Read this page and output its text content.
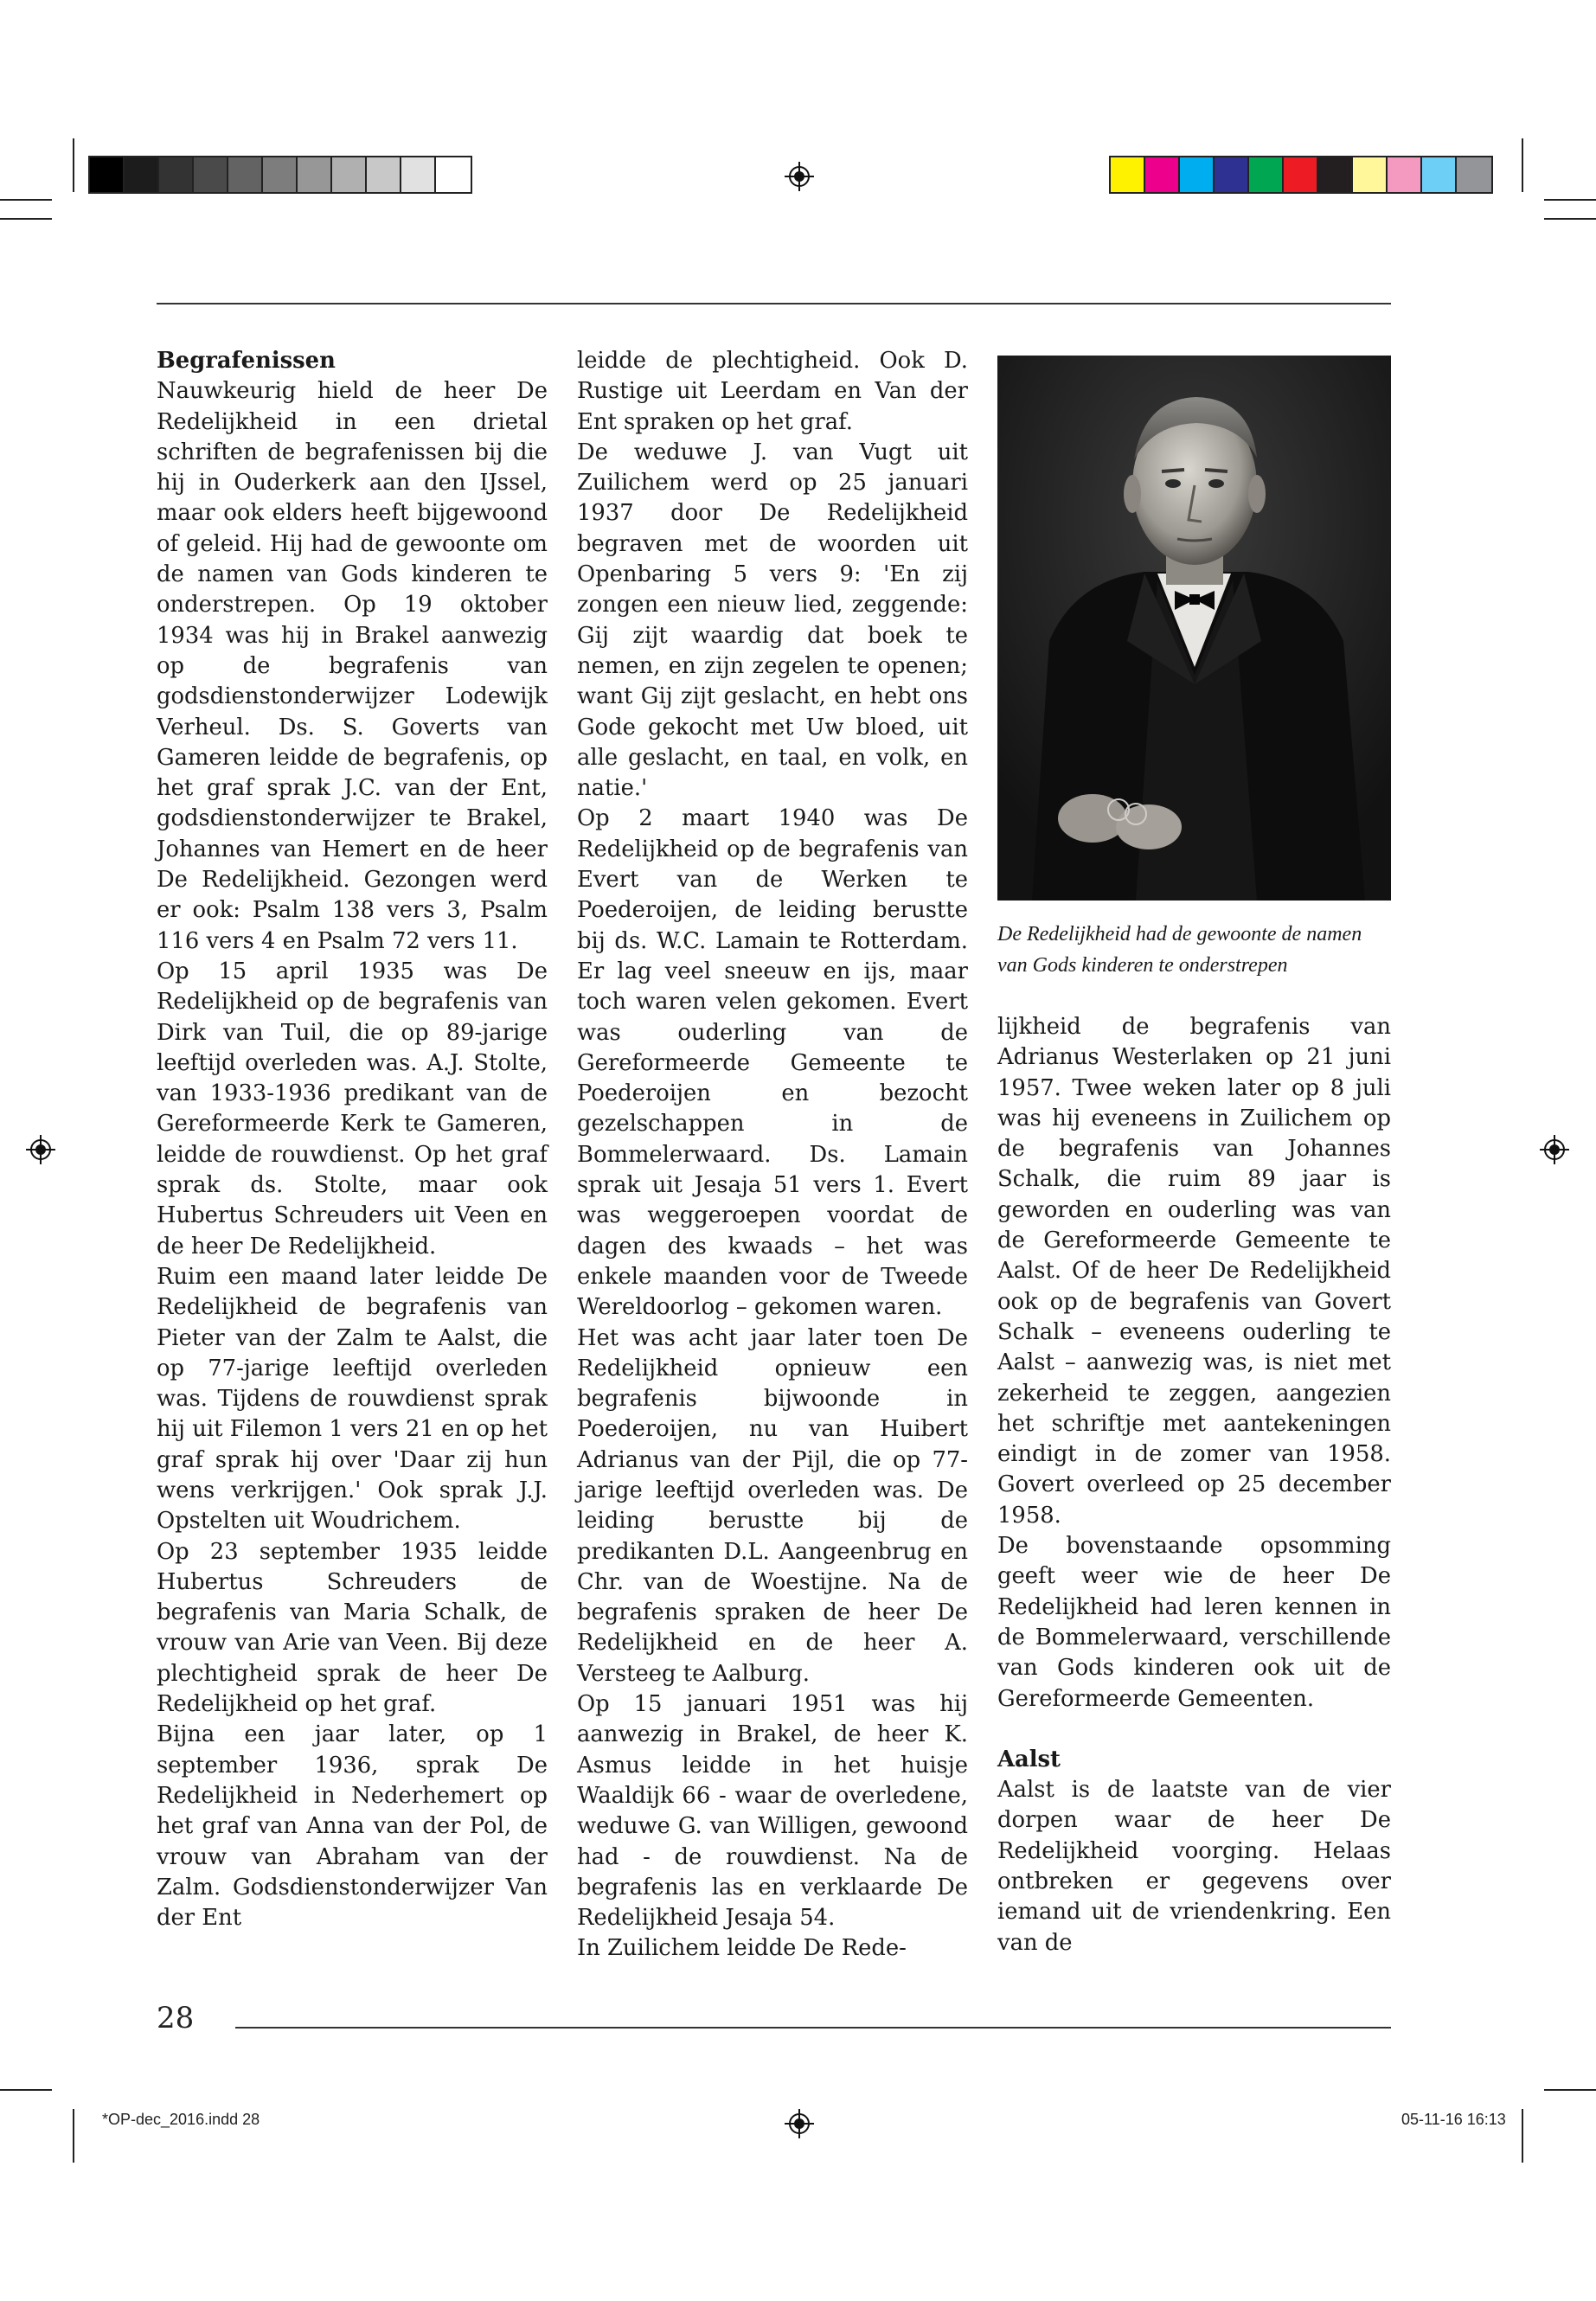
Begrafenissen

Nauwkeurig hield de heer De Redelijkheid in een drietal schriften de begrafenissen bij die hij in Ouderkerk aan den IJssel, maar ook elders heeft bijgewoond of geleid. Hij had de gewoonte om de namen van Gods kinderen te onderstrepen. Op 19 oktober 1934 was hij in Brakel aanwezig op de begrafenis van godsdienstonderwijzer Lodewijk Verheul. Ds. S. Goverts van Gameren leidde de begrafenis, op het graf sprak J.C. van der Ent, godsdienstonderwijzer te Brakel, Johannes van Hemert en de heer De Redelijkheid. Gezongen werd er ook: Psalm 138 vers 3, Psalm 116 vers 4 en Psalm 72 vers 11.

Op 15 april 1935 was De Redelijkheid op de begrafenis van Dirk van Tuil, die op 89-jarige leeftijd overleden was. A.J. Stolte, van 1933-1936 predikant van de Gereformeerde Kerk te Gameren, leidde de rouwdienst. Op het graf sprak ds. Stolte, maar ook Hubertus Schreuders uit Veen en de heer De Redelijkheid.

Ruim een maand later leidde De Redelijkheid de begrafenis van Pieter van der Zalm te Aalst, die op 77-jarige leeftijd overleden was. Tijdens de rouwdienst sprak hij uit Filemon 1 vers 21 en op het graf sprak hij over 'Daar zij hun wens verkrijgen.' Ook sprak J.J. Opstelten uit Woudrichem.

Op 23 september 1935 leidde Hubertus Schreuders de begrafenis van Maria Schalk, de vrouw van Arie van Veen. Bij deze plechtigheid sprak de heer De Redelijkheid op het graf.

Bijna een jaar later, op 1 september 1936, sprak De Redelijkheid in Nederhemert op het graf van Anna van der Pol, de vrouw van Abraham van der Zalm. Godsdienstonderwijzer Van der Ent

leidde de plechtigheid. Ook D. Rustige uit Leerdam en Van der Ent spraken op het graf.

De weduwe J. van Vugt uit Zuilichem werd op 25 januari 1937 door De Redelijkheid begraven met de woorden uit Openbaring 5 vers 9: 'En zij zongen een nieuw lied, zeggende: Gij zijt waardig dat boek te nemen, en zijn zegelen te openen; want Gij zijt geslacht, en hebt ons Gode gekocht met Uw bloed, uit alle geslacht, en taal, en volk, en natie.'

Op 2 maart 1940 was De Redelijkheid op de begrafenis van Evert van de Werken te Poederoijen, de leiding berustte bij ds. W.C. Lamain te Rotterdam. Er lag veel sneeuw en ijs, maar toch waren velen gekomen. Evert was ouderling van de Gereformeerde Gemeente te Poederoijen en bezocht gezelschappen in de Bommelerwaard. Ds. Lamain sprak uit Jesaja 51 vers 1. Evert was weggeroepen voordat de dagen des kwaads – het was enkele maanden voor de Tweede Wereldoorlog – gekomen waren.

Het was acht jaar later toen De Redelijkheid opnieuw een begrafenis bijwoonde in Poederoijen, nu van Huibert Adrianus van der Pijl, die op 77-jarige leeftijd overleden was. De leiding berustte bij de predikanten D.L. Aangeenbrug en Chr. van de Woestijne. Na de begrafenis spraken de heer De Redelijkheid en de heer A. Versteeg te Aalburg.

Op 15 januari 1951 was hij aanwezig in Brakel, de heer K. Asmus leidde in het huisje Waaldijk 66 - waar de overledene, weduwe G. van Willigen, gewoond had - de rouwdienst. Na de begrafenis las en verklaarde De Redelijkheid Jesaja 54.

In Zuilichem leidde De Rede-

De Redelijkheid had de gewoonte de namen van Gods kinderen te onderstrepen

lijkheid de begrafenis van Adrianus Westerlaken op 21 juni 1957. Twee weken later op 8 juli was hij eveneens in Zuilichem op de begrafenis van Johannes Schalk, die ruim 89 jaar is geworden en ouderling was van de Gereformeerde Gemeente te Aalst. Of de heer De Redelijkheid ook op de begrafenis van Govert Schalk – eveneens ouderling te Aalst – aanwezig was, is niet met zekerheid te zeggen, aangezien het schriftje met aantekeningen eindigt in de zomer van 1958. Govert overleed op 25 december 1958.

De bovenstaande opsomming geeft weer wie de heer De Redelijkheid had leren kennen in de Bommelerwaard, verschillende van Gods kinderen ook uit de Gereformeerde Gemeenten.

Aalst

Aalst is de laatste van de vier dorpen waar de heer De Redelijkheid voorging. Helaas ontbreken er gegevens over iemand uit de vriendenkring. Een van de

28
*OP-dec_2016.indd 28	05-11-16 16:13
